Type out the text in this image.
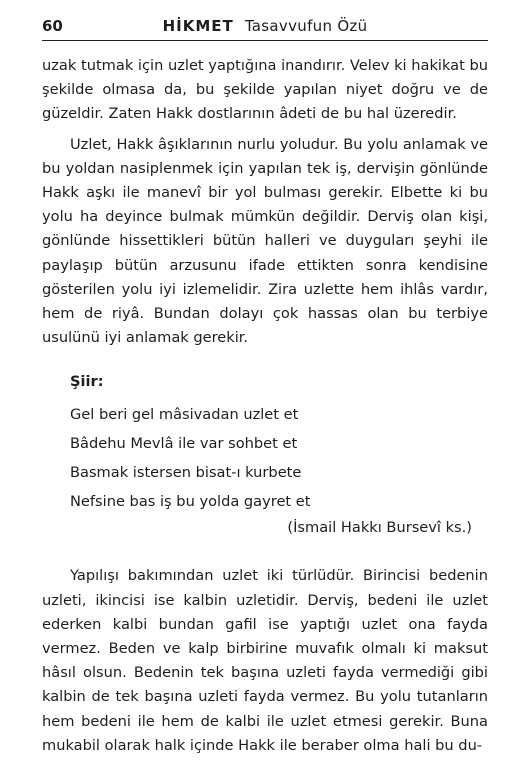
60	HİKMET Tasavvufun Özü

uzak tutmak için uzlet yaptığına inandırır. Velev ki hakikat bu şekilde olmasa da, bu şekilde yapılan niyet doğru ve de güzeldir. Zaten Hakk dostlarının âdeti de bu hal üzeredir.

Uzlet, Hakk âşıklarının nurlu yoludur. Bu yolu anlamak ve bu yoldan nasiplenmek için yapılan tek iş, dervişin gönlünde Hakk aşkı ile manevî bir yol bulması gerekir. Elbette ki bu yolu ha deyince bulmak mümkün değildir. Derviş olan kişi, gönlünde hissettikleri bütün halleri ve duyguları şeyhi ile paylaşıp bütün arzusunu ifade ettikten sonra kendisine gösterilen yolu iyi izlemelidir. Zira uzlette hem ihlâs vardır, hem de riyâ. Bundan dolayı çok hassas olan bu terbiye usulünü iyi anlamak gerekir.

Şiir:
Gel beri gel mâsivadan uzlet et
Bâdehu Mevlâ ile var sohbet et
Basmak istersen bisat-ı kurbete
Nefsine bas iş bu yolda gayret et
(İsmail Hakkı Bursevî ks.)

Yapılışı bakımından uzlet iki türlüdür. Birincisi bedenin uzleti, ikincisi ise kalbin uzletidir. Derviş, bedeni ile uzlet ederken kalbi bundan gafil ise yaptığı uzlet ona fayda vermez. Beden ve kalp birbirine muvafık olmalı ki maksut hâsıl olsun. Bedenin tek başına uzleti fayda vermediği gibi kalbin de tek başına uzleti fayda vermez. Bu yolu tutanların hem bedeni ile hem de kalbi ile uzlet etmesi gerekir. Buna mukabil olarak halk içinde Hakk ile beraber olma hali bu du-
